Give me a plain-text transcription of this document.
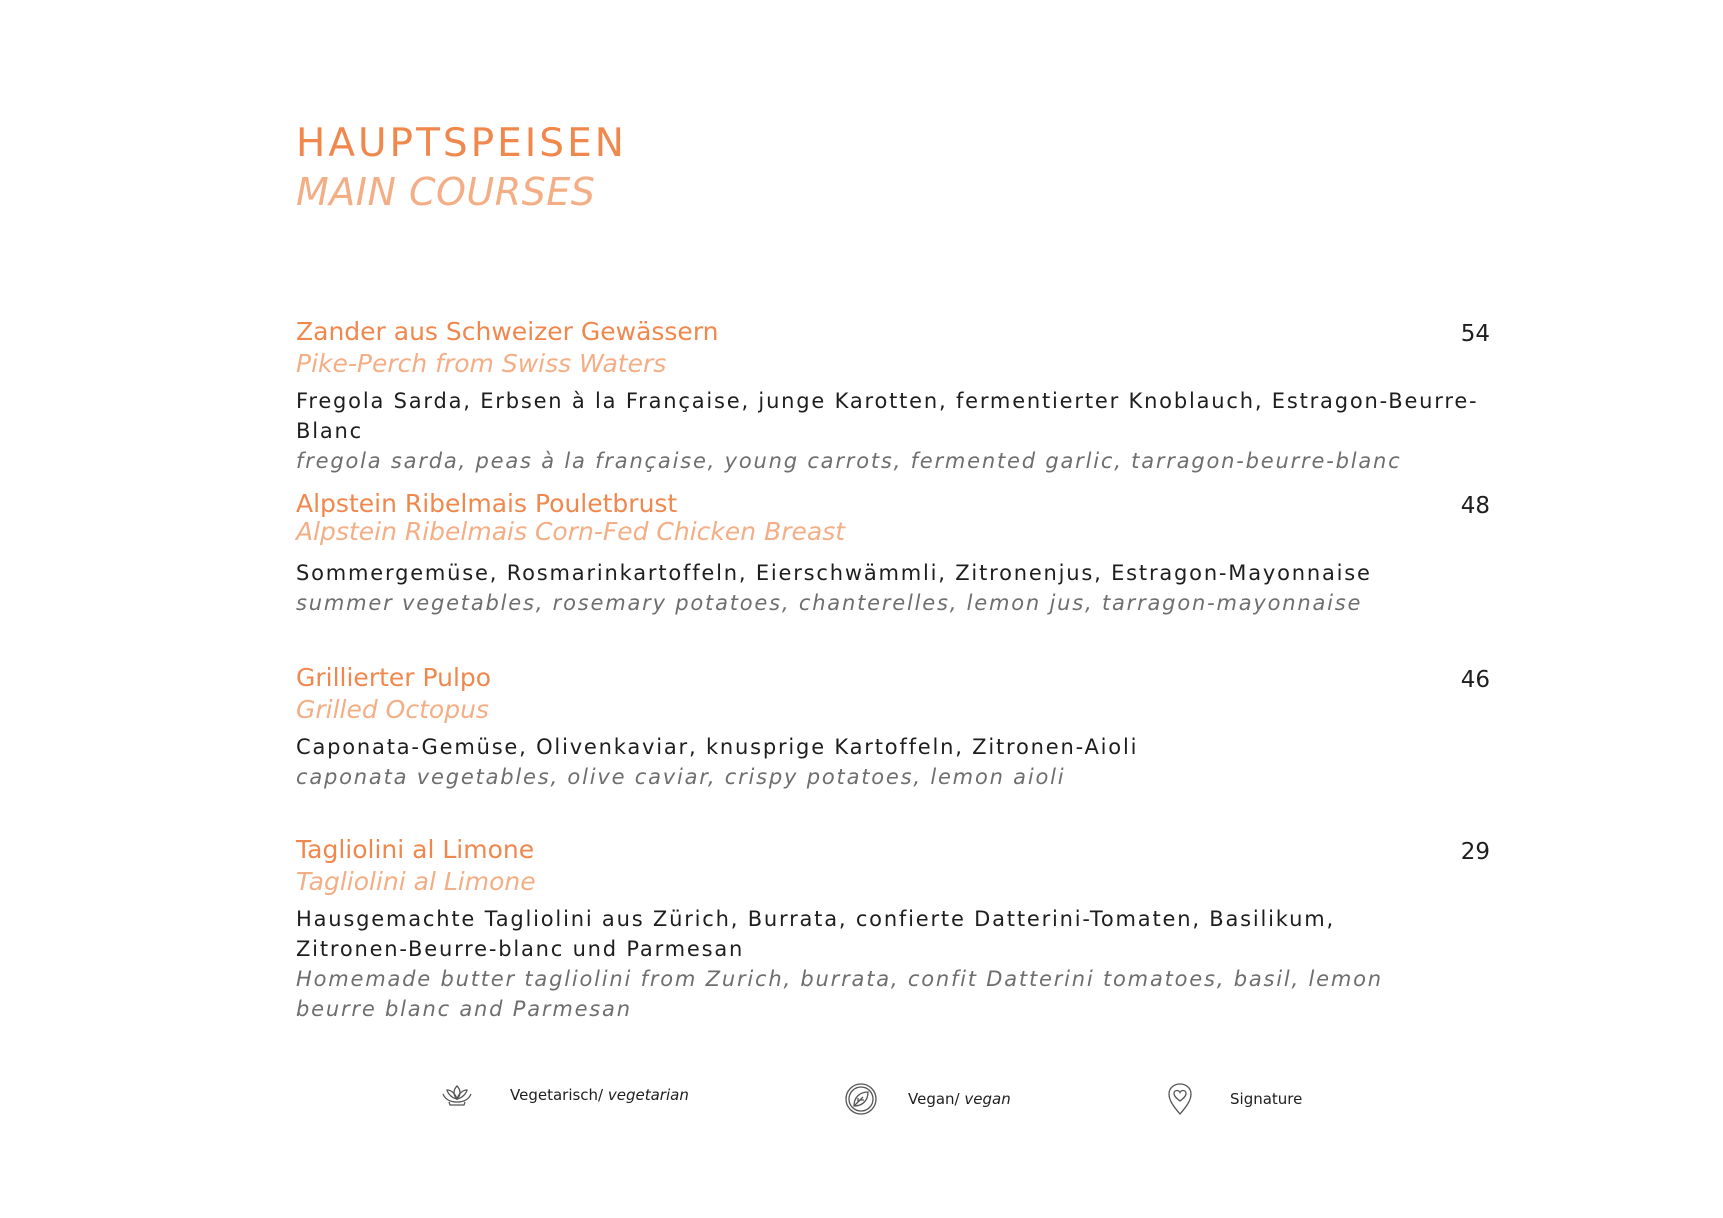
HAUPTSPEISEN
MAIN COURSES
Zander aus Schweizer Gewässern
Pike-Perch from Swiss Waters
Fregola Sarda, Erbsen à la Française, junge Karotten, fermentierter Knoblauch, Estragon-Beurre-Blanc
fregola sarda, peas à la française, young carrots, fermented garlic, tarragon-beurre-blanc
54
Alpstein Ribelmais Pouletbrust
Alpstein Ribelmais Corn-Fed Chicken Breast
Sommergemüse, Rosmarinkartoffeln, Eierschwämmli, Zitronenjus, Estragon-Mayonnaise
summer vegetables, rosemary potatoes, chanterelles, lemon jus, tarragon-mayonnaise
48
Grillierter Pulpo
Grilled Octopus
Caponata-Gemüse, Olivenkaviar, knusprige Kartoffeln, Zitronen-Aioli
caponata vegetables, olive caviar, crispy potatoes, lemon aioli
46
Tagliolini al Limone
Tagliolini al Limone
Hausgemachte Tagliolini aus Zürich, Burrata, confierte Datterini-Tomaten, Basilikum, Zitronen-Beurre-blanc und Parmesan
Homemade butter tagliolini from Zurich, burrata, confit Datterini tomatoes, basil, lemon beurre blanc and Parmesan
29
Vegetarisch/ vegetarian	Vegan/ vegan	Signature
